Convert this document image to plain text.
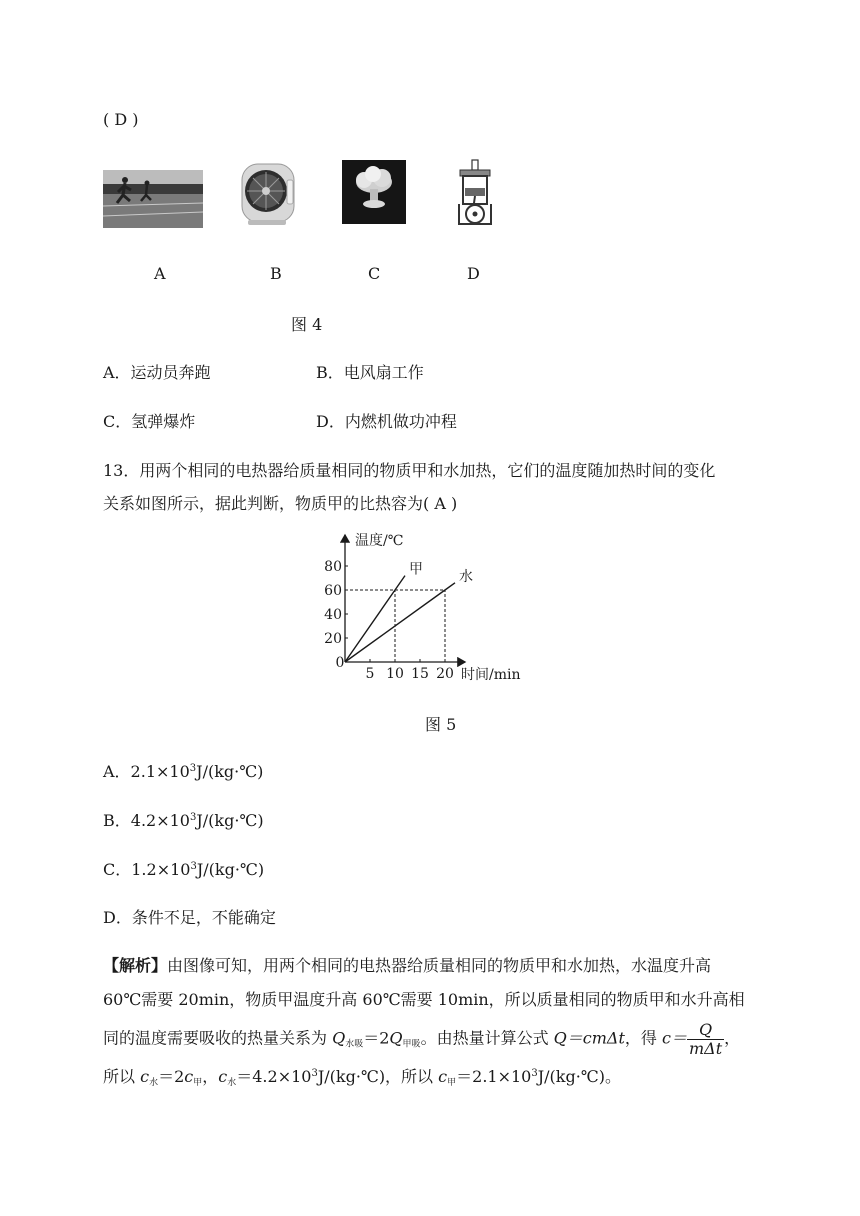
( D )
A	B	C	D
图 4
A．运动员奔跑	B．电风扇工作
C．氢弹爆炸	D．内燃机做功冲程
13．用两个相同的电热器给质量相同的物质甲和水加热，它们的温度随加热时间的变化
关系如图所示，据此判断，物质甲的比热容为( A )
甲	水
5 10 15 20
20
40
60
80
温度/℃
时间/min
0
图 5
A．$2.1\times 10^3J/(kg\cdot℃)$
B．$4.2\times 10^3J/(kg\cdot℃)$
C．$1.2\times 10^3J/(kg\cdot℃)$
D．条件不足，不能确定
【解析】由图像可知，用两个相同的电热器给质量相同的物质甲和水加热，水温度升高
60℃需要 20min，物质甲温度升高 60℃需要 10min，所以质量相同的物质甲和水升高相
同的温度需要吸收的热量关系为 $Q_{水吸}=2Q_{甲吸}$。由热量计算公式 Q＝cmΔt，得 $c= \frac{Q}{\text{mΔt}}$ ，
所以 $c_水=2c_甲$，$c_水=4.2\times 10^3J/(kg\cdot℃)$，所以 $c_甲=2.1\times 10^3J/(kg\cdot℃)$。
